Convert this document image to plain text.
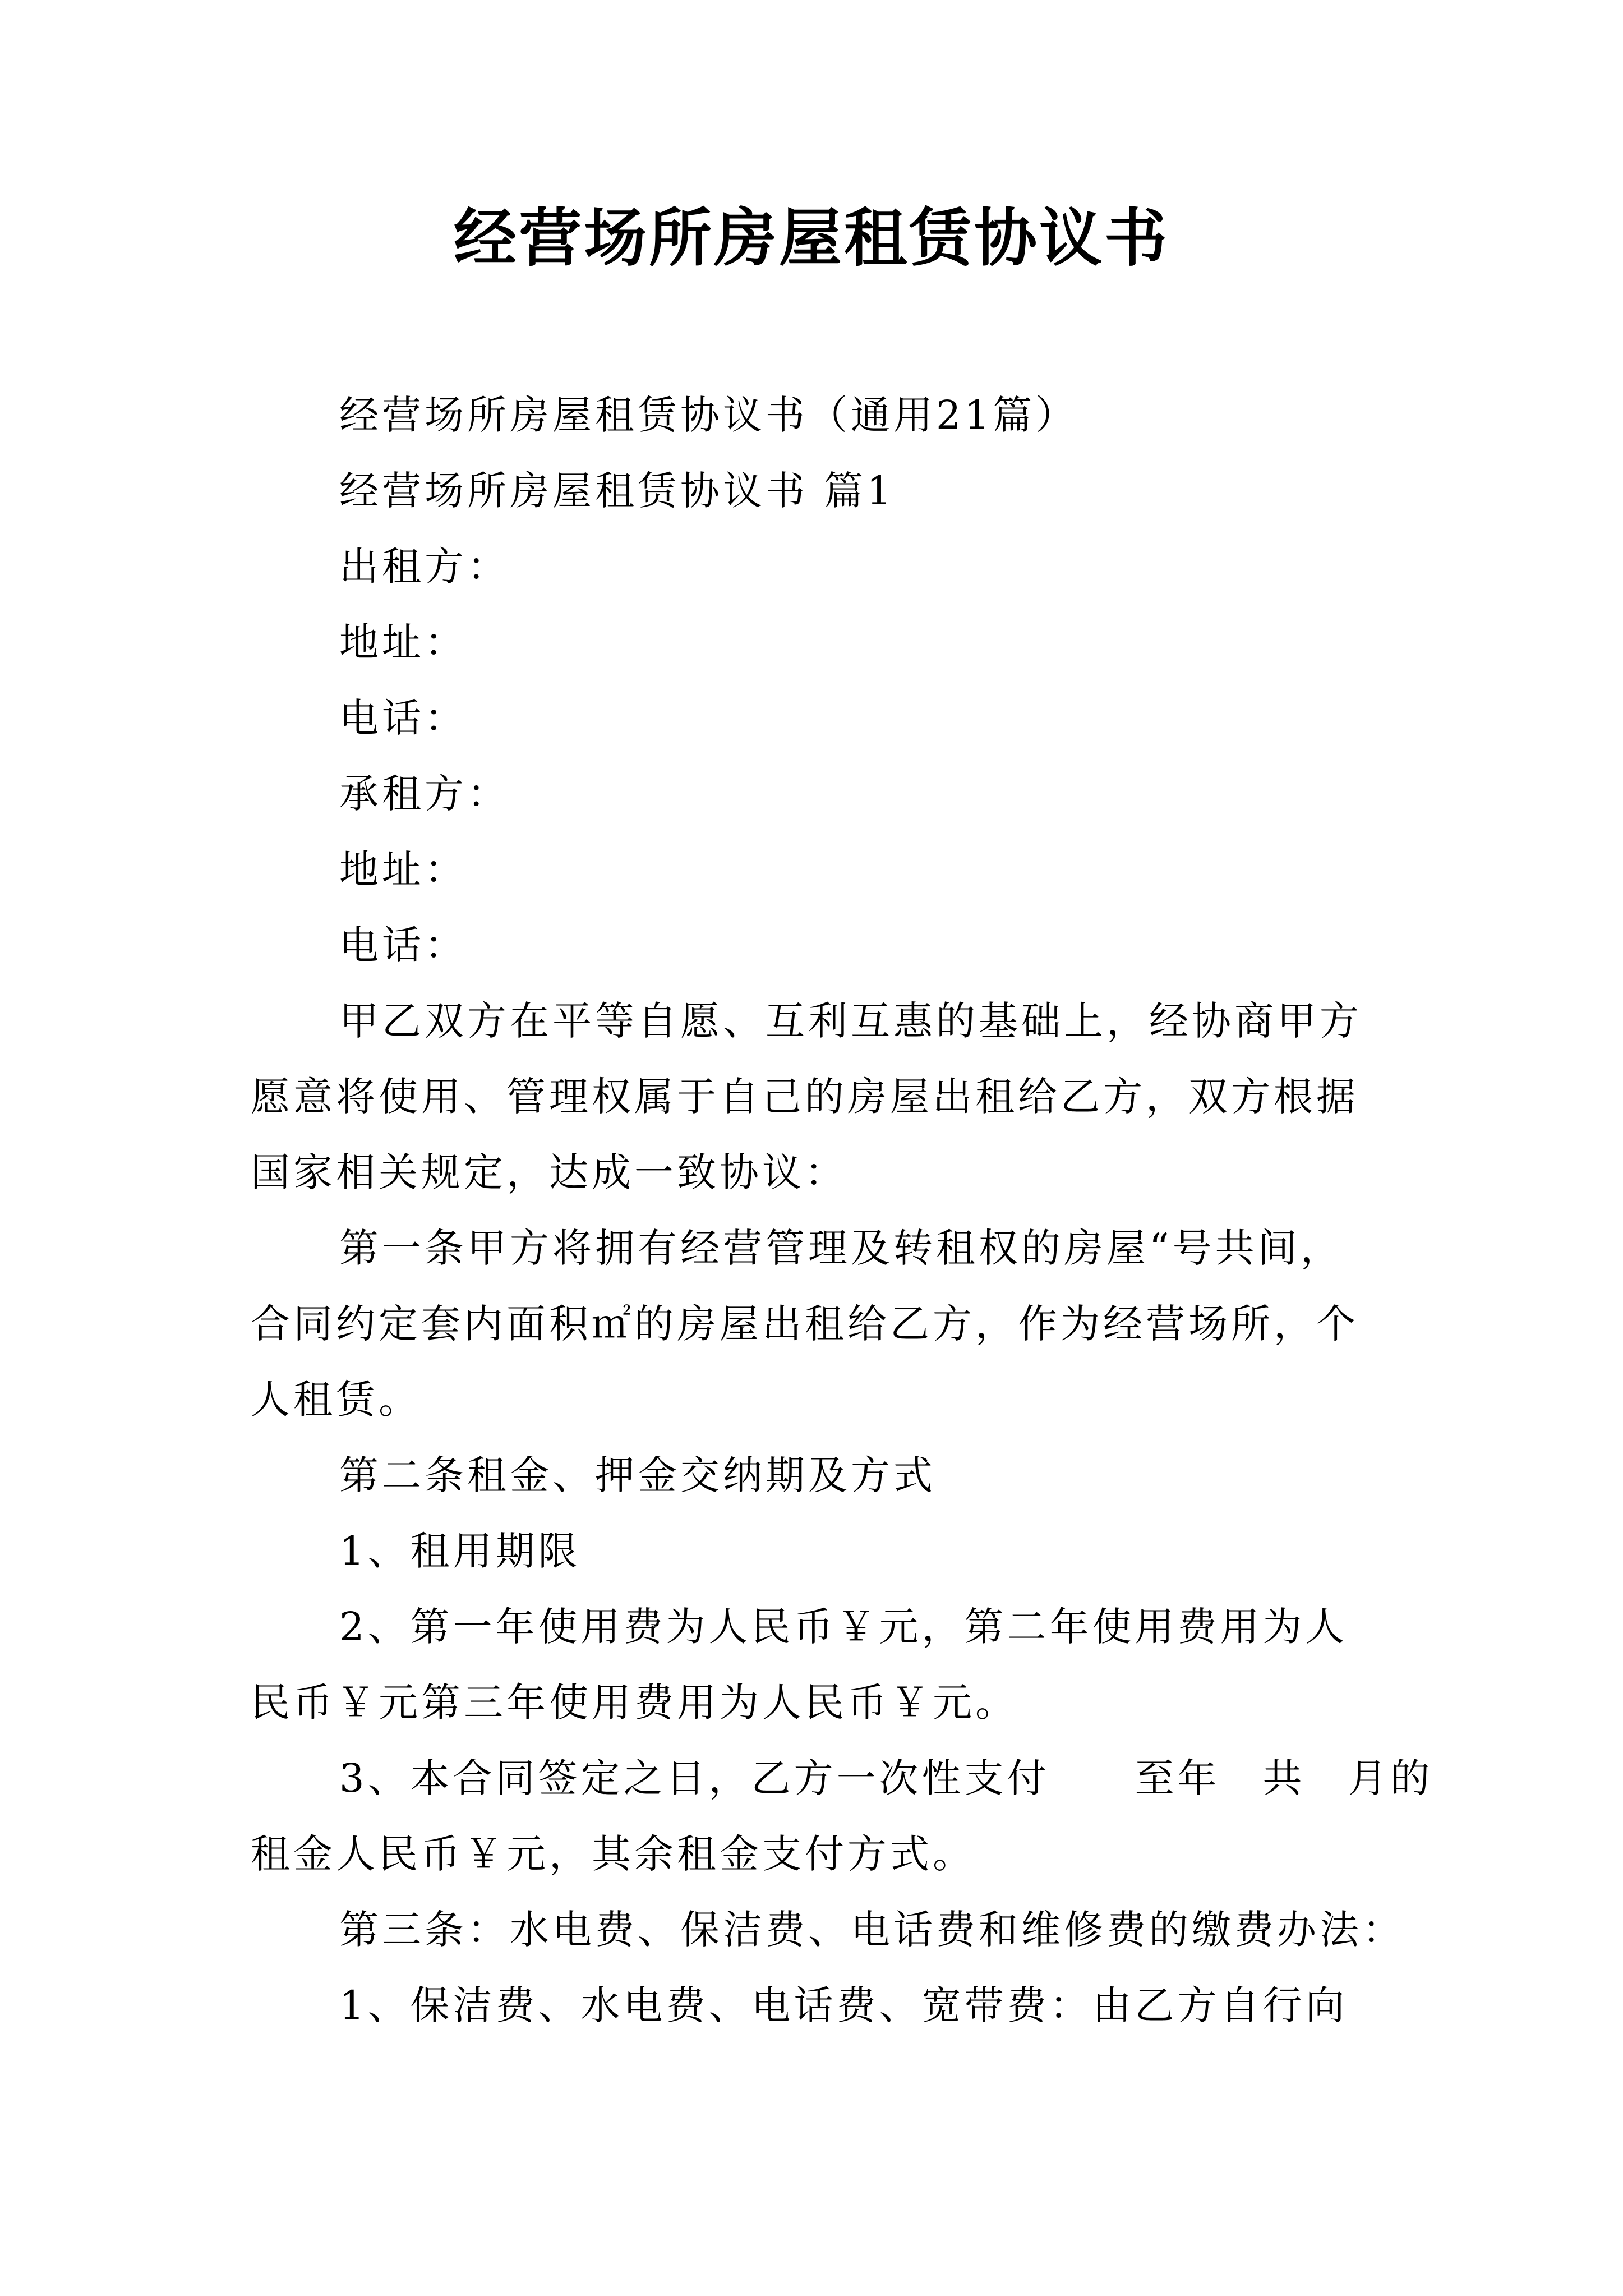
经营场所房屋租赁协议书
经营场所房屋租赁协议书（通用21篇）
经营场所房屋租赁协议书 篇1
出租方：
地址：
电话：
承租方：
地址：
电话：
甲乙双方在平等自愿、互利互惠的基础上，经协商甲方
愿意将使用、管理权属于自己的房屋出租给乙方，双方根据
国家相关规定，达成一致协议：
第一条甲方将拥有经营管理及转租权的房屋“号共间，
合同约定套内面积㎡的房屋出租给乙方，作为经营场所，个
人租赁。
第二条租金、押金交纳期及方式
1、租用期限
2、第一年使用费为人民币￥元，第二年使用费用为人
民币￥元第三年使用费用为人民币￥元。
3、本合同签定之日，乙方一次性支付　　至年　共　月的
租金人民币￥元，其余租金支付方式。
第三条：水电费、保洁费、电话费和维修费的缴费办法：
1、保洁费、水电费、电话费、宽带费：由乙方自行向
